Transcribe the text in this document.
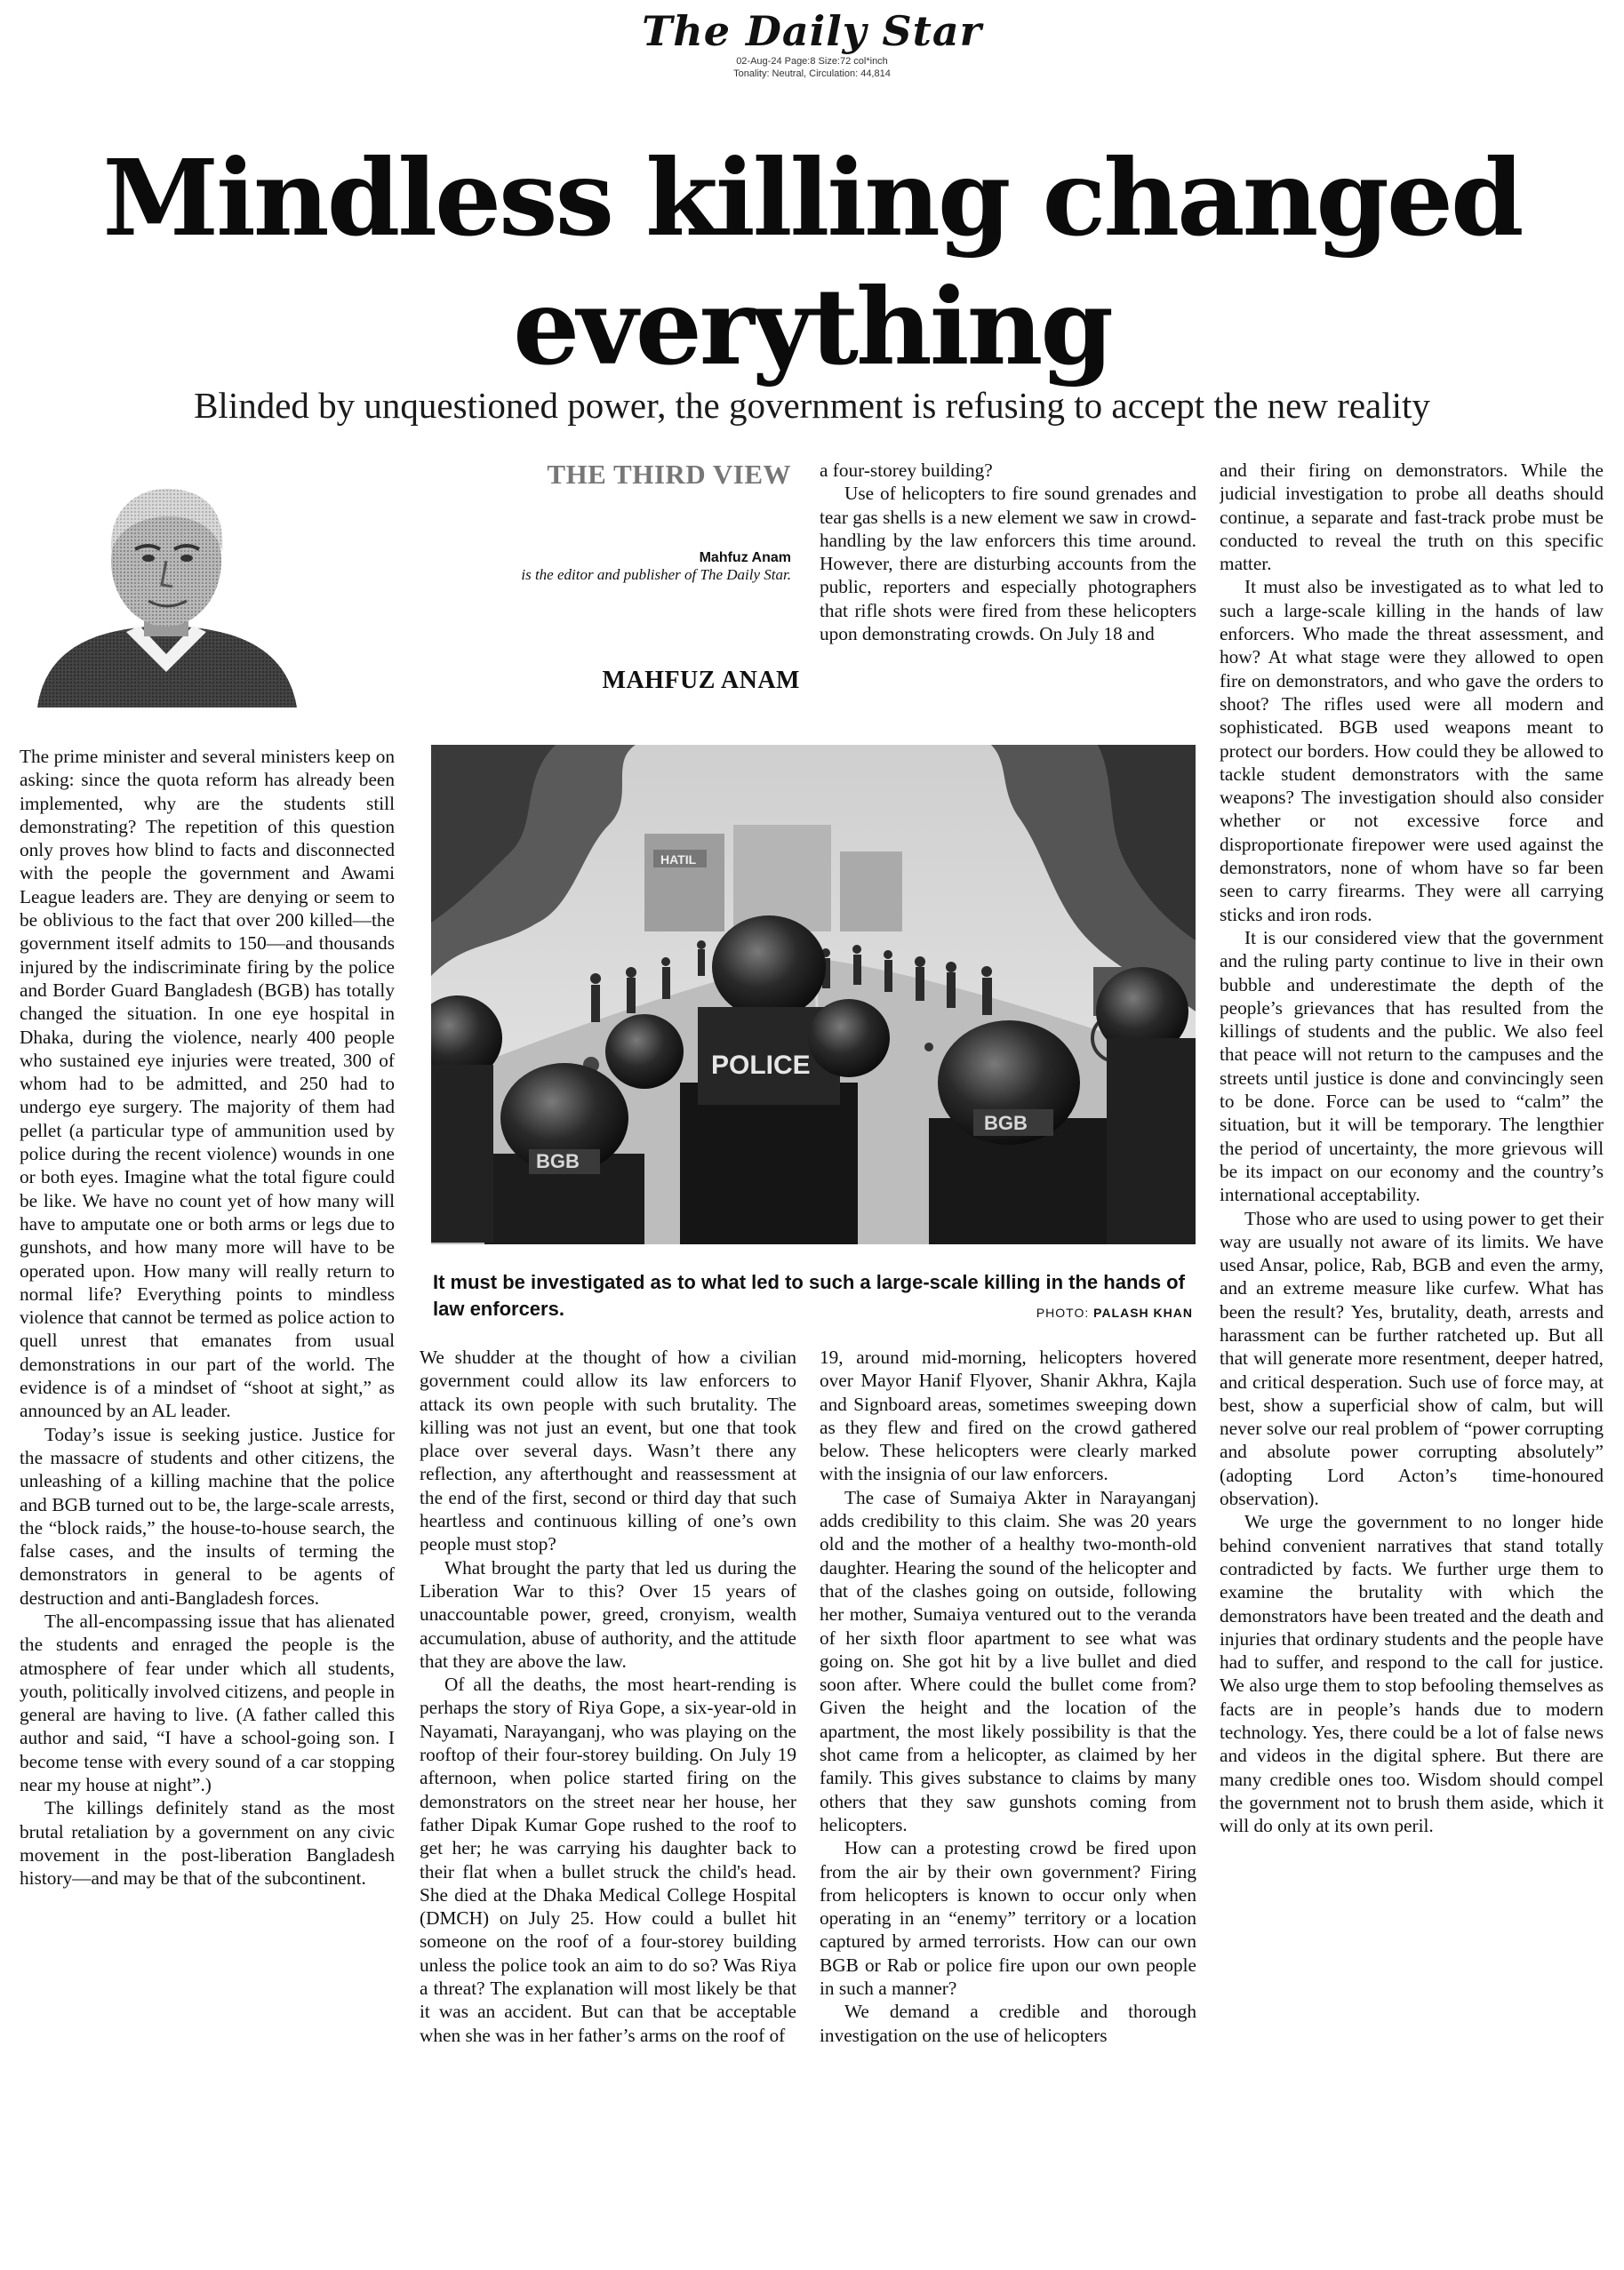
The Daily Star
02-Aug-24 Page:8 Size:72 col*inch
Tonality: Neutral, Circulation: 44,814
Mindless killing changed everything
Blinded by unquestioned power, the government is refusing to accept the new reality
THE THIRD VIEW
Mahfuz Anam
is the editor and publisher of The Daily Star.
MAHFUZ ANAM
HATIL
BGB
POLICE
BGB
It must be investigated as to what led to such a large-scale killing in the hands of law enforcers.	PHOTO: PALASH KHAN

The prime minister and several ministers keep on asking: since the quota reform has already been implemented, why are the students still demonstrating? The repetition of this question only proves how blind to facts and disconnected with the people the government and Awami League leaders are. They are denying or seem to be oblivious to the fact that over 200 killed—the government itself admits to 150—and thousands injured by the indiscriminate firing by the police and Border Guard Bangladesh (BGB) has totally changed the situation. In one eye hospital in Dhaka, during the violence, nearly 400 people who sustained eye injuries were treated, 300 of whom had to be admitted, and 250 had to undergo eye surgery. The majority of them had pellet (a particular type of ammunition used by police during the recent violence) wounds in one or both eyes. Imagine what the total figure could be like. We have no count yet of how many will have to amputate one or both arms or legs due to gunshots, and how many more will have to be operated upon. How many will really return to normal life? Everything points to mindless violence that cannot be termed as police action to quell unrest that emanates from usual demonstrations in our part of the world. The evidence is of a mindset of “shoot at sight,” as announced by an AL leader.

Today’s issue is seeking justice. Justice for the massacre of students and other citizens, the unleashing of a killing machine that the police and BGB turned out to be, the large-scale arrests, the “block raids,” the house-to-house search, the false cases, and the insults of terming the demonstrators in general to be agents of destruction and anti-Bangladesh forces.

The all-encompassing issue that has alienated the students and enraged the people is the atmosphere of fear under which all students, youth, politically involved citizens, and people in general are having to live. (A father called this author and said, “I have a school-going son. I become tense with every sound of a car stopping near my house at night”.)

The killings definitely stand as the most brutal retaliation by a government on any civic movement in the post-liberation Bangladesh history—and may be that of the subcontinent.

We shudder at the thought of how a civilian government could allow its law enforcers to attack its own people with such brutality. The killing was not just an event, but one that took place over several days. Wasn’t there any reflection, any afterthought and reassessment at the end of the first, second or third day that such heartless and continuous killing of one’s own people must stop?

What brought the party that led us during the Liberation War to this? Over 15 years of unaccountable power, greed, cronyism, wealth accumulation, abuse of authority, and the attitude that they are above the law.

Of all the deaths, the most heart-rending is perhaps the story of Riya Gope, a six-year-old in Nayamati, Narayanganj, who was playing on the rooftop of their four-storey building. On July 19 afternoon, when police started firing on the demonstrators on the street near her house, her father Dipak Kumar Gope rushed to the roof to get her; he was carrying his daughter back to their flat when a bullet struck the child's head. She died at the Dhaka Medical College Hospital (DMCH) on July 25. How could a bullet hit someone on the roof of a four-storey building unless the police took an aim to do so? Was Riya a threat? The explanation will most likely be that it was an accident. But can that be acceptable when she was in her father’s arms on the roof of

a four-storey building?

Use of helicopters to fire sound grenades and tear gas shells is a new element we saw in crowd-handling by the law enforcers this time around. However, there are disturbing accounts from the public, reporters and especially photographers that rifle shots were fired from these helicopters upon demonstrating crowds. On July 18 and

19, around mid-morning, helicopters hovered over Mayor Hanif Flyover, Shanir Akhra, Kajla and Signboard areas, sometimes sweeping down as they flew and fired on the crowd gathered below. These helicopters were clearly marked with the insignia of our law enforcers.

The case of Sumaiya Akter in Narayanganj adds credibility to this claim. She was 20 years old and the mother of a healthy two-month-old daughter. Hearing the sound of the helicopter and that of the clashes going on outside, following her mother, Sumaiya ventured out to the veranda of her sixth floor apartment to see what was going on. She got hit by a live bullet and died soon after. Where could the bullet come from? Given the height and the location of the apartment, the most likely possibility is that the shot came from a helicopter, as claimed by her family. This gives substance to claims by many others that they saw gunshots coming from helicopters.

How can a protesting crowd be fired upon from the air by their own government? Firing from helicopters is known to occur only when operating in an “enemy” territory or a location captured by armed terrorists. How can our own BGB or Rab or police fire upon our own people in such a manner?

We demand a credible and thorough investigation on the use of helicopters

and their firing on demonstrators. While the judicial investigation to probe all deaths should continue, a separate and fast-track probe must be conducted to reveal the truth on this specific matter.

It must also be investigated as to what led to such a large-scale killing in the hands of law enforcers. Who made the threat assessment, and how? At what stage were they allowed to open fire on demonstrators, and who gave the orders to shoot? The rifles used were all modern and sophisticated. BGB used weapons meant to protect our borders. How could they be allowed to tackle student demonstrators with the same weapons? The investigation should also consider whether or not excessive force and disproportionate firepower were used against the demonstrators, none of whom have so far been seen to carry firearms. They were all carrying sticks and iron rods.

It is our considered view that the government and the ruling party continue to live in their own bubble and underestimate the depth of the people’s grievances that has resulted from the killings of students and the public. We also feel that peace will not return to the campuses and the streets until justice is done and convincingly seen to be done. Force can be used to “calm” the situation, but it will be temporary. The lengthier the period of uncertainty, the more grievous will be its impact on our economy and the country’s international acceptability.

Those who are used to using power to get their way are usually not aware of its limits. We have used Ansar, police, Rab, BGB and even the army, and an extreme measure like curfew. What has been the result? Yes, brutality, death, arrests and harassment can be further ratcheted up. But all that will generate more resentment, deeper hatred, and critical desperation. Such use of force may, at best, show a superficial show of calm, but will never solve our real problem of “power corrupting and absolute power corrupting absolutely” (adopting Lord Acton’s time-honoured observation).

We urge the government to no longer hide behind convenient narratives that stand totally contradicted by facts. We further urge them to examine the brutality with which the demonstrators have been treated and the death and injuries that ordinary students and the people have had to suffer, and respond to the call for justice. We also urge them to stop befooling themselves as facts are in people’s hands due to modern technology. Yes, there could be a lot of false news and videos in the digital sphere. But there are many credible ones too. Wisdom should compel the government not to brush them aside, which it will do only at its own peril.
